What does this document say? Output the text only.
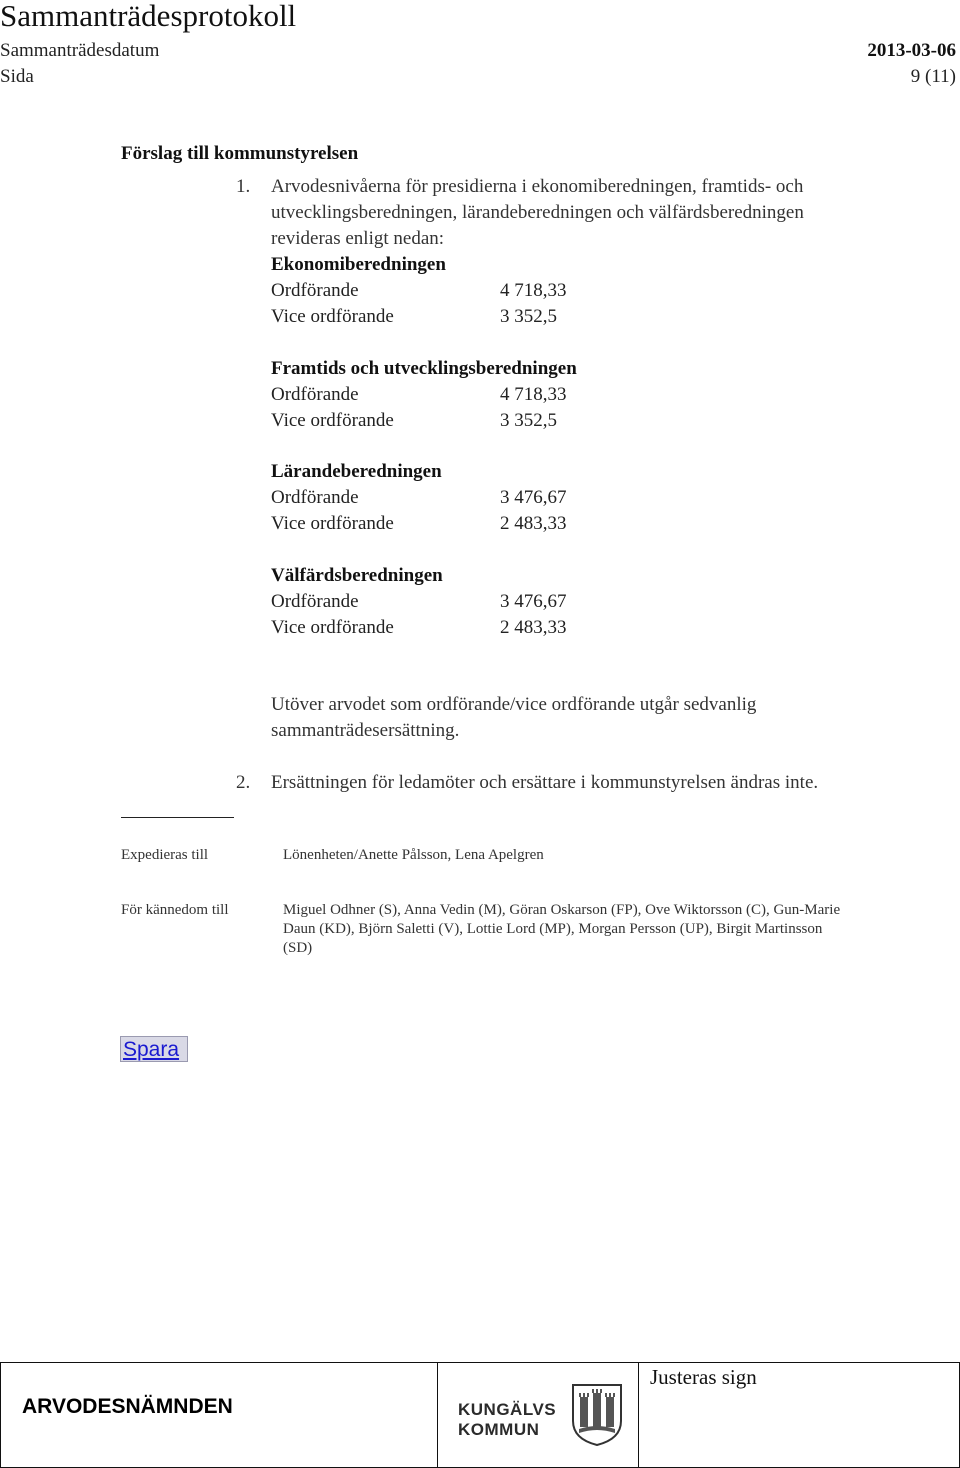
Sammanträdesprotokoll
Sammanträdesdatum	2013-03-06
Sida	9 (11)
Förslag till kommunstyrelsen
1. Arvodesnivåerna för presidierna i ekonomiberedningen, framtids- och
utvecklingsberedningen, lärandeberedningen och välfärdsberedningen
revideras enligt nedan:
Ekonomiberedningen
Ordförande	4 718,33
Vice ordförande	3 352,5
Framtids och utvecklingsberedningen
Ordförande	4 718,33
Vice ordförande	3 352,5
Lärandeberedningen
Ordförande	3 476,67
Vice ordförande	2 483,33
Välfärdsberedningen
Ordförande	3 476,67
Vice ordförande	2 483,33
Utöver arvodet som ordförande/vice ordförande utgår sedvanlig
sammanträdesersättning.
2. Ersättningen för ledamöter och ersättare i kommunstyrelsen ändras inte.
Expedieras till	Lönenheten/Anette Pålsson, Lena Apelgren
För kännedom till	Miguel Odhner (S), Anna Vedin (M), Göran Oskarson (FP), Ove Wiktorsson (C), Gun-Marie
Daun (KD), Björn Saletti (V), Lottie Lord (MP), Morgan Persson (UP), Birgit Martinsson
(SD)
Spara
ARVODESNÄMNDEN	KUNGÄLVS
KOMMUN
Justeras sign
